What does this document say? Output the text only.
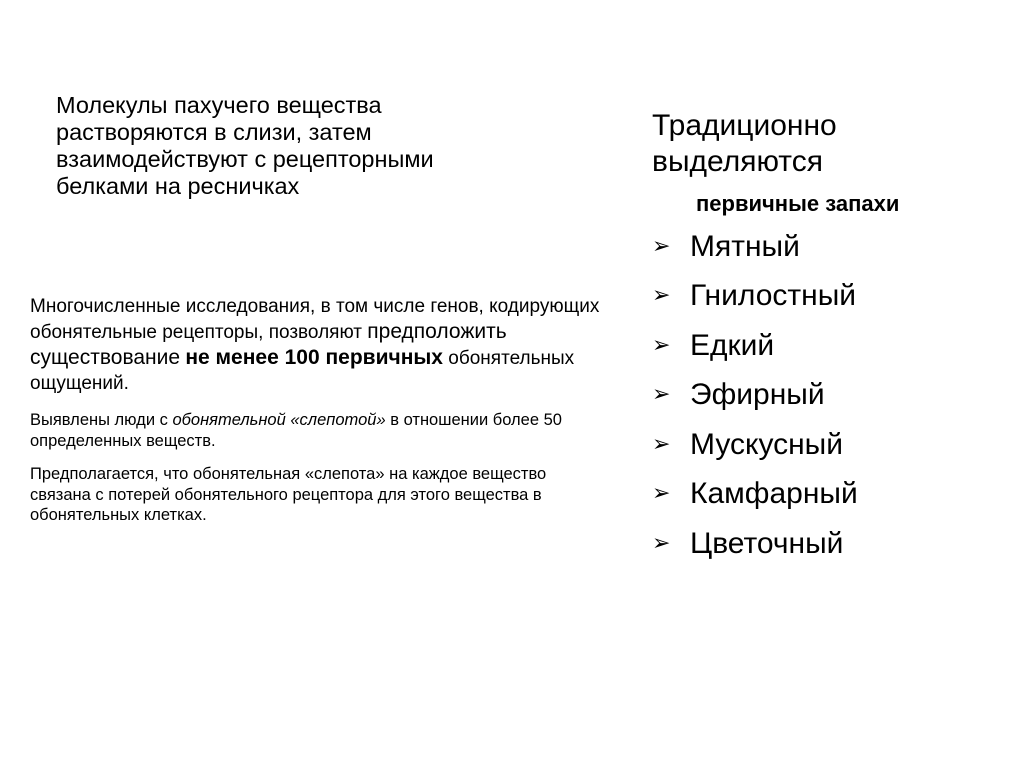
Молекулы пахучего вещества
растворяются в слизи, затем
взаимодействуют с рецепторными
белками на ресничках

Многочисленные исследования, в том числе генов, кодирующих обонятельные рецепторы, позволяют предположить существование не менее 100 первичных обонятельных ощущений.

Выявлены люди с обонятельной «слепотой» в отношении более 50 определенных веществ.

Предполагается, что обонятельная «слепота» на каждое вещество связана с потерей обонятельного рецептора для этого вещества в обонятельных клетках.

Традиционно
выделяются
первичные запахи
➢ Мятный
➢ Гнилостный
➢ Едкий
➢ Эфирный
➢ Мускусный
➢ Камфарный
➢ Цветочный
